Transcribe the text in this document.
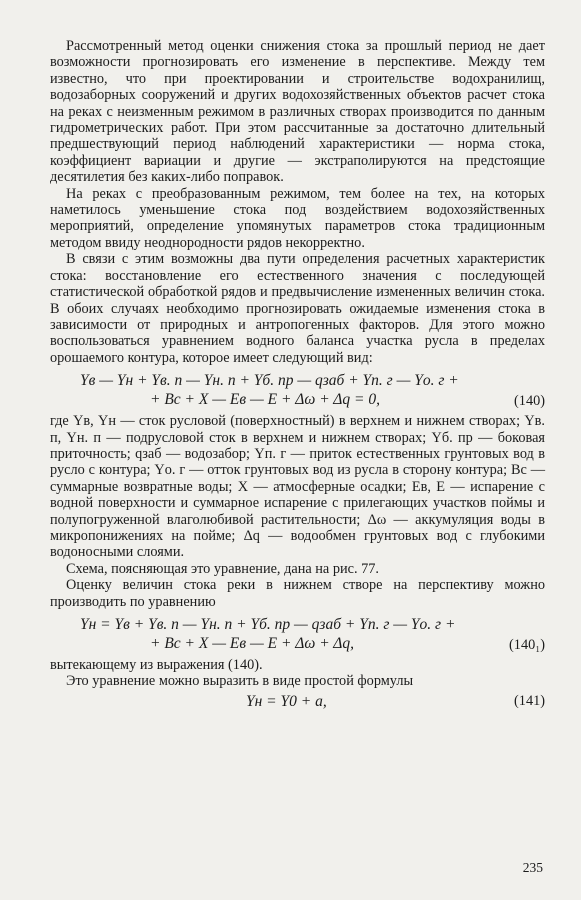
Рассмотренный метод оценки снижения стока за прошлый период не дает возможности прогнозировать его изменение в перспективе. Между тем известно, что при проектировании и строительстве водохранилищ, водозаборных сооружений и других водохозяйственных объектов расчет стока на реках с неизменным режимом в различных створах производится по данным гидрометрических работ. При этом рассчитанные за достаточно длительный предшествующий период наблюдений характеристики — норма стока, коэффициент вариации и другие — экстраполируются на предстоящие десятилетия без каких-либо поправок.

На реках с преобразованным режимом, тем более на тех, на которых наметилось уменьшение стока под воздействием водохозяйственных мероприятий, определение упомянутых параметров стока традиционным методом ввиду неоднородности рядов некорректно.

В связи с этим возможны два пути определения расчетных характеристик стока: восстановление его естественного значения с последующей статистической обработкой рядов и предвычисление измененных величин стока. В обоих случаях необходимо прогнозировать ожидаемые изменения стока в зависимости от природных и антропогенных факторов. Для этого можно воспользоваться уравнением водного баланса участка русла в пределах орошаемого контура, которое имеет следующий вид:

Yв — Yн + Yв. п — Yн. п + Yб. пр — qзаб + Yп. г — Yо. г +
+ Bс + X — Eв — E + Δω + Δq = 0,	(140)

где Yв, Yн — сток русловой (поверхностный) в верхнем и нижнем створах; Yв. п, Yн. п — подрусловой сток в верхнем и нижнем створах; Yб. пр — боковая приточность; qзаб — водозабор; Yп. г — приток естественных грунтовых вод в русло с контура; Yо. г — отток грунтовых вод из русла в сторону контура; Bс — суммарные возвратные воды; X — атмосферные осадки; Eв, E — испарение с водной поверхности и суммарное испарение с прилегающих участков поймы и полупогруженной влаголюбивой растительности; Δω — аккумуляция воды в микропонижениях на пойме; Δq — водообмен грунтовых вод с глубокими водоносными слоями.

Схема, поясняющая это уравнение, дана на рис. 77.

Оценку величин стока реки в нижнем створе на перспективу можно производить по уравнению

Yн = Yв + Yв. п — Yн. п + Yб. пр — qзаб + Yп. г — Yо. г +
+ Bс + X — Eв — E + Δω + Δq,	(140₁)

вытекающему из выражения (140).

Это уравнение можно выразить в виде простой формулы

Yн = Y0 + a,	(141)
235
